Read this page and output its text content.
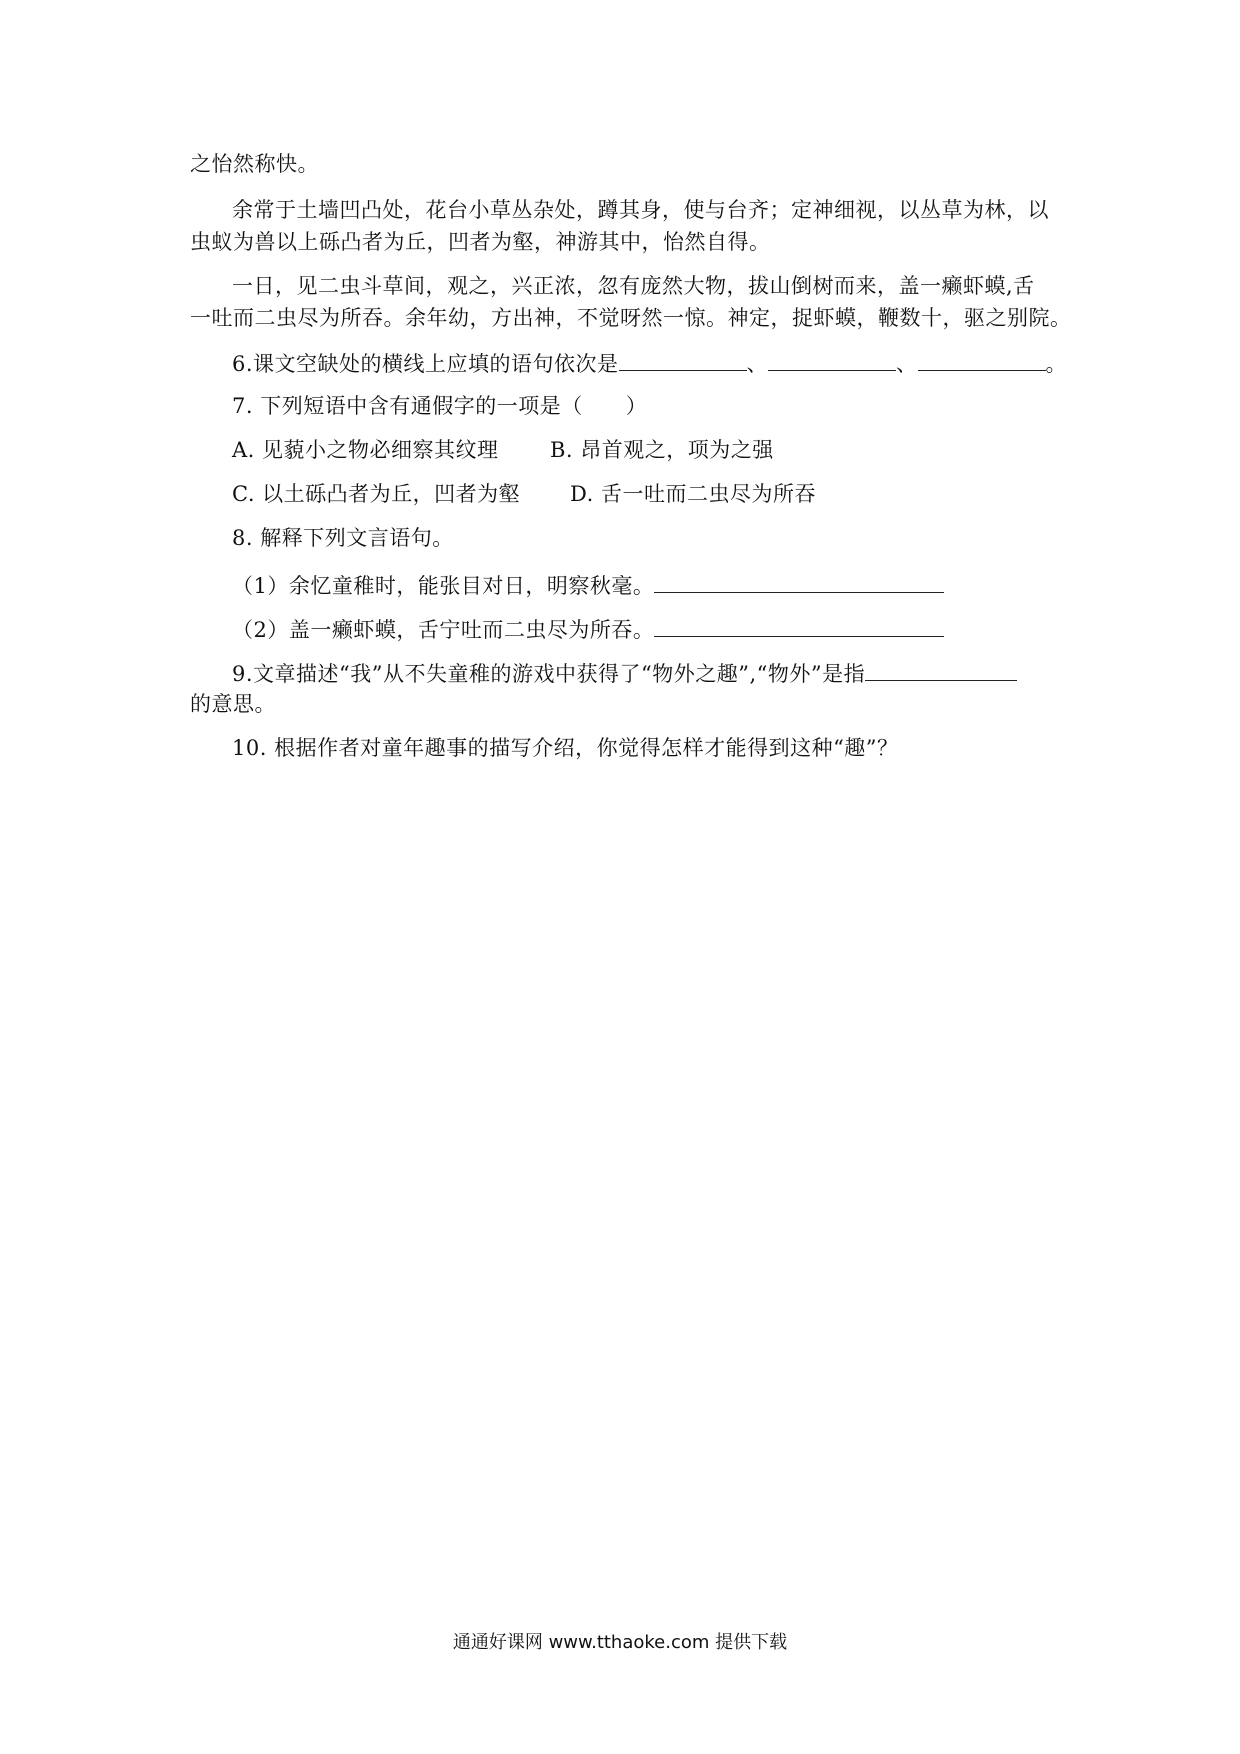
之怡然称快。
余常于土墙凹凸处，花台小草丛杂处，蹲其身，使与台齐；定神细视，以丛草为林，以
虫蚁为兽以上砾凸者为丘，凹者为壑，神游其中，怡然自得。
一日，见二虫斗草间，观之，兴正浓，忽有庞然大物，拔山倒树而来，盖一癞虾蟆,舌
一吐而二虫尽为所吞。余年幼，方出神，不觉呀然一惊。神定，捉虾蟆，鞭数十，驱之别院。
6.课文空缺处的横线上应填的语句依次是	、	、	。
7. 下列短语中含有通假字的一项是（　　）
A. 见藐小之物必细察其纹理 B. 昂首观之，项为之强
C. 以土砾凸者为丘，凹者为壑 D. 舌一吐而二虫尽为所吞
8. 解释下列文言语句。
（1）余忆童稚时，能张目对日，明察秋毫。
（2）盖一癞虾蟆，舌宁吐而二虫尽为所吞。
9.文章描述“我”从不失童稚的游戏中获得了“物外之趣”,“物外”是指
的意思。
10. 根据作者对童年趣事的描写介绍，你觉得怎样才能得到这种“趣”？
通通好课网 www.tthaoke.com 提供下载
